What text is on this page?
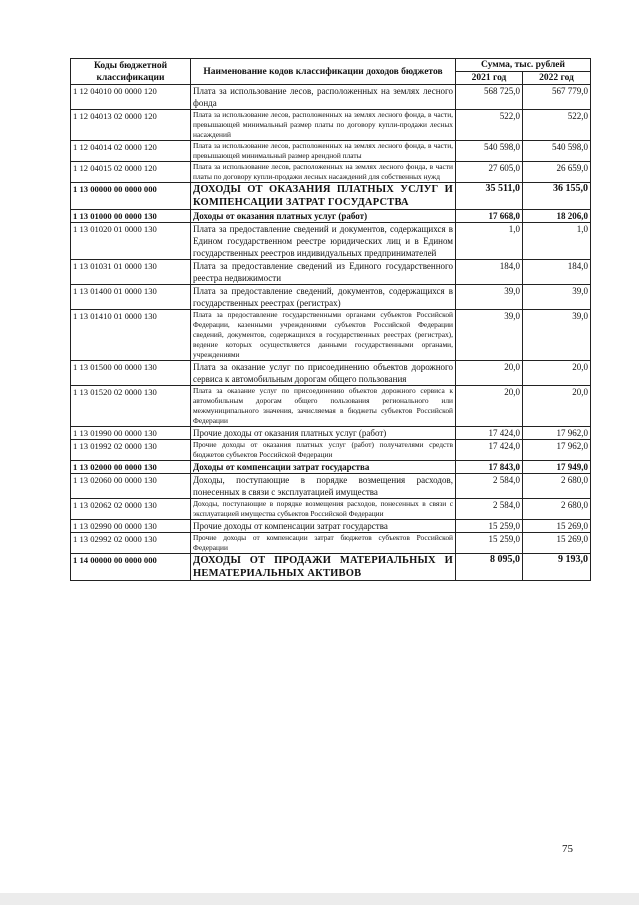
Коды бюджетной классификации	Наименование кодов классификации доходов бюджетов	Сумма, тыс. рублей	
		2021 год	2022 год
1 12 04010 00 0000 120	Плата за использование лесов, расположенных на землях лесного фонда	568 725,0	567 779,0
1 12 04013 02 0000 120	Плата за использование лесов, расположенных на землях лесного фонда, в части, превышающей минимальный размер платы по договору купли-продажи лесных насаждений	522,0	522,0
1 12 04014 02 0000 120	Плата за использование лесов, расположенных на землях лесного фонда, в части, превышающей минимальный размер арендной платы	540 598,0	540 598,0
1 12 04015 02 0000 120	Плата за использование лесов, расположенных на землях лесного фонда, в части платы по договору купли-продажи лесных насаждений для собственных нужд	27 605,0	26 659,0
1 13 00000 00 0000 000	ДОХОДЫ ОТ ОКАЗАНИЯ ПЛАТНЫХ УСЛУГ И КОМПЕНСАЦИИ ЗАТРАТ ГОСУДАРСТВА	35 511,0	36 155,0
1 13 01000 00 0000 130	Доходы от оказания платных услуг (работ)	17 668,0	18 206,0
1 13 01020 01 0000 130	Плата за предоставление сведений и документов, содержащихся в Едином государственном реестре юридических лиц и в Едином государственных реестров индивидуальных предпринимателей	1,0	1,0
1 13 01031 01 0000 130	Плата за предоставление сведений из Единого государственного реестра недвижимости	184,0	184,0
1 13 01400 01 0000 130	Плата за предоставление сведений, документов, содержащихся в государственных реестрах (регистрах)	39,0	39,0
1 13 01410 01 0000 130	Плата за предоставление государственными органами субъектов Российской Федерации, казенными учреждениями субъектов Российской Федерации сведений, документов, содержащихся в государственных реестрах (регистрах), ведение которых осуществляется данными государственными органами, учреждениями	39,0	39,0
1 13 01500 00 0000 130	Плата за оказание услуг по присоединению объектов дорожного сервиса к автомобильным дорогам общего пользования	20,0	20,0
1 13 01520 02 0000 130	Плата за оказание услуг по присоединению объектов дорожного сервиса к автомобильным дорогам общего пользования регионального или межмуниципального значения, зачисляемая в бюджеты субъектов Российской Федерации	20,0	20,0
1 13 01990 00 0000 130	Прочие доходы от оказания платных услуг (работ)	17 424,0	17 962,0
1 13 01992 02 0000 130	Прочие доходы от оказания платных услуг (работ) получателями средств бюджетов субъектов Российской Федерации	17 424,0	17 962,0
1 13 02000 00 0000 130	Доходы от компенсации затрат государства	17 843,0	17 949,0
1 13 02060 00 0000 130	Доходы, поступающие в порядке возмещения расходов, понесенных в связи с эксплуатацией имущества	2 584,0	2 680,0
1 13 02062 02 0000 130	Доходы, поступающие в порядке возмещения расходов, понесенных в связи с эксплуатацией имущества субъектов Российской Федерации	2 584,0	2 680,0
1 13 02990 00 0000 130	Прочие доходы от компенсации затрат государства	15 259,0	15 269,0
1 13 02992 02 0000 130	Прочие доходы от компенсации затрат бюджетов субъектов Российской Федерации	15 259,0	15 269,0
1 14 00000 00 0000 000	ДОХОДЫ ОТ ПРОДАЖИ МАТЕРИАЛЬНЫХ И НЕМАТЕРИАЛЬНЫХ АКТИВОВ	8 095,0	9 193,0
75
